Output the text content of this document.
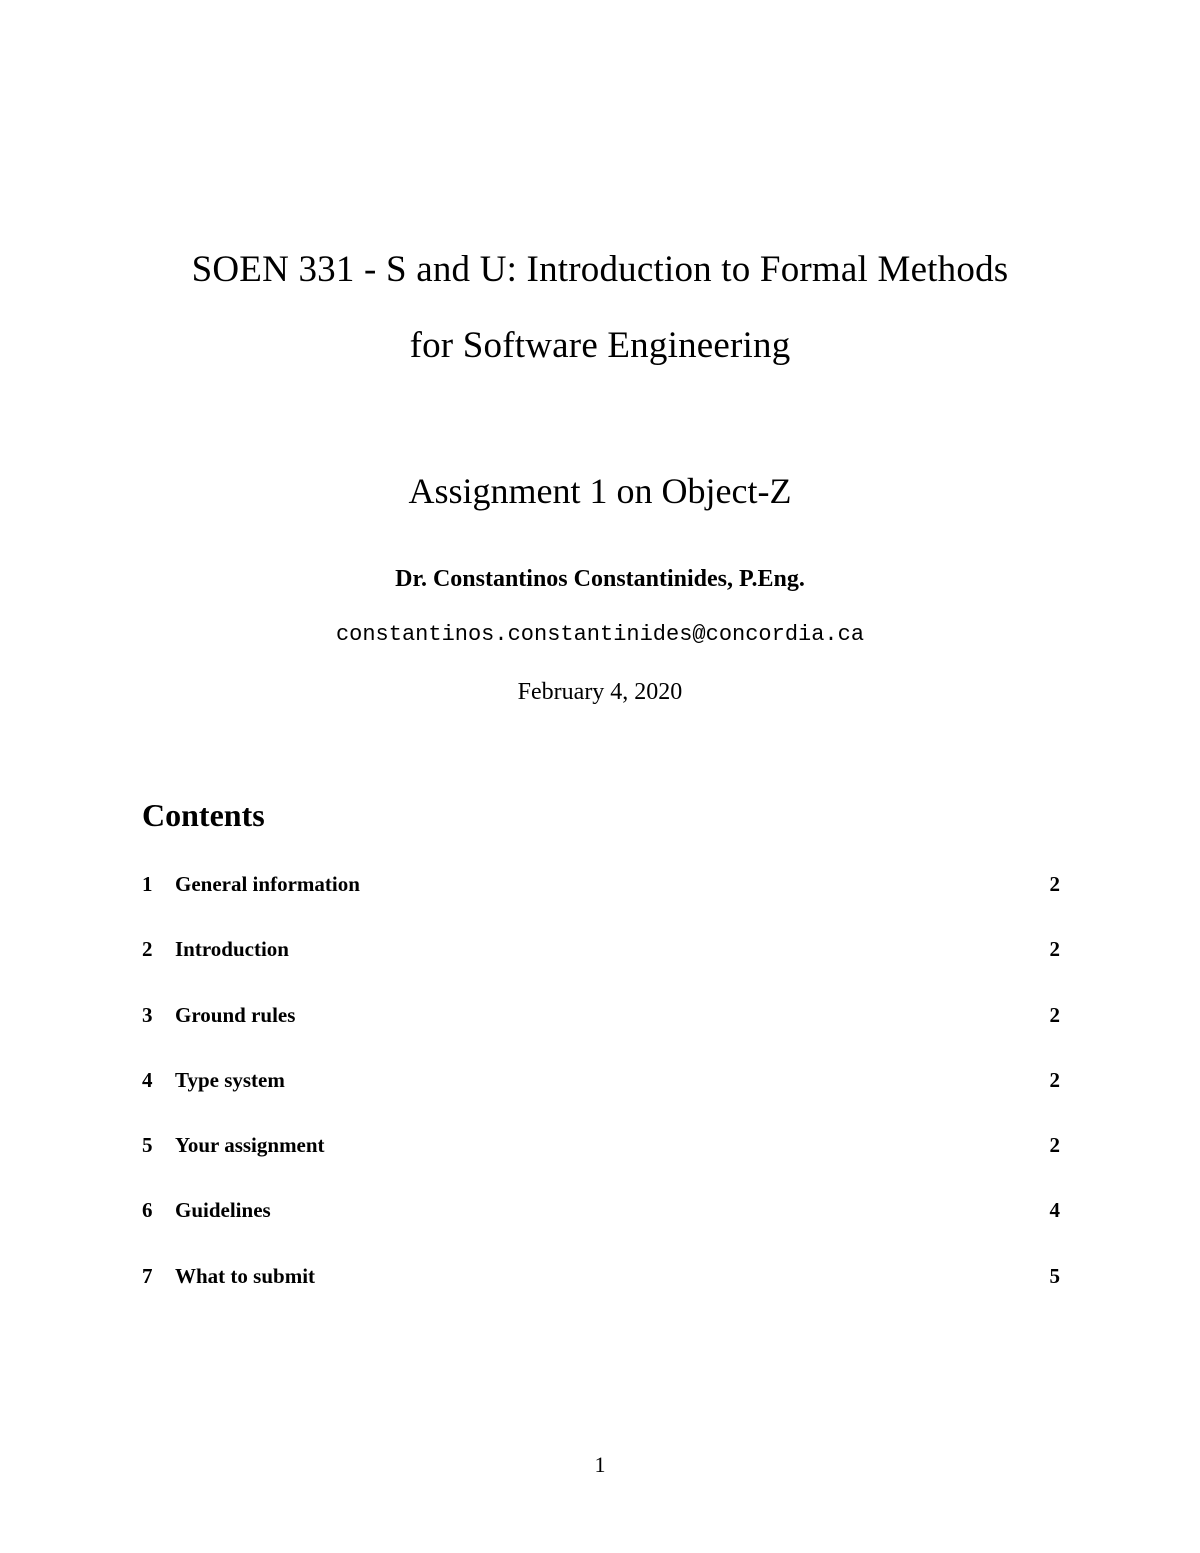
SOEN 331 - S and U: Introduction to Formal Methods
for Software Engineering
Assignment 1 on Object-Z
Dr. Constantinos Constantinides, P.Eng.
constantinos.constantinides@concordia.ca
February 4, 2020
Contents
1 General information	2
2 Introduction	2
3 Ground rules	2
4 Type system	2
5 Your assignment	2
6 Guidelines	4
7 What to submit	5
1
